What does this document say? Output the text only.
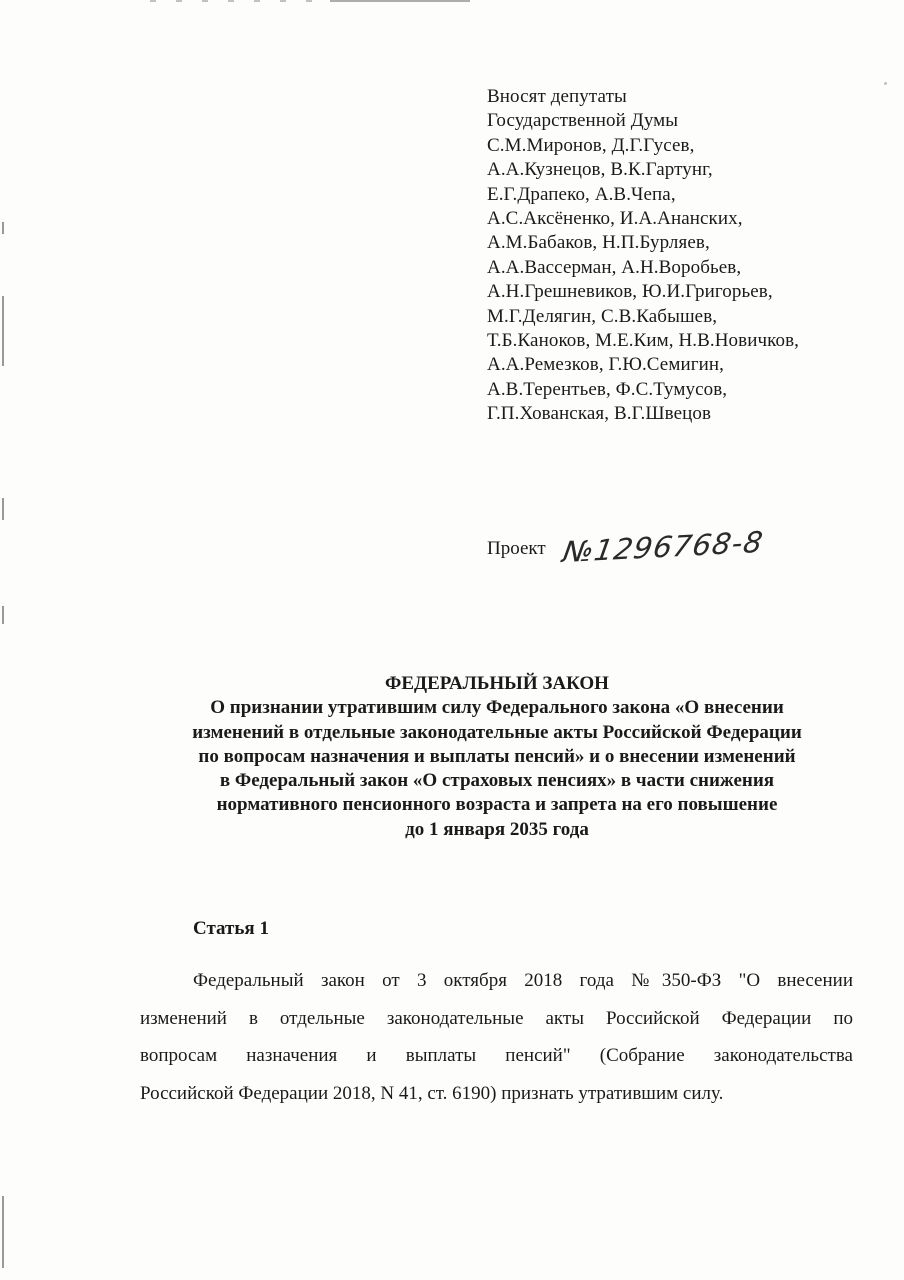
Вносят депутаты
Государственной Думы
С.М.Миронов, Д.Г.Гусев,
А.А.Кузнецов, В.К.Гартунг,
Е.Г.Драпеко, А.В.Чепа,
А.С.Аксёненко, И.А.Ананских,
А.М.Бабаков, Н.П.Бурляев,
А.А.Вассерман, А.Н.Воробьев,
А.Н.Грешневиков, Ю.И.Григорьев,
М.Г.Делягин, С.В.Кабышев,
Т.Б.Каноков, М.Е.Ким, Н.В.Новичков,
А.А.Ремезков, Г.Ю.Семигин,
А.В.Терентьев, Ф.С.Тумусов,
Г.П.Хованская, В.Г.Швецов
Проект №1296768-8
ФЕДЕРАЛЬНЫЙ ЗАКОН
О признании утратившим силу Федерального закона «О внесении
изменений в отдельные законодательные акты Российской Федерации
по вопросам назначения и выплаты пенсий» и о внесении изменений
в Федеральный закон «О страховых пенсиях» в части снижения
нормативного пенсионного возраста и запрета на его повышение
до 1 января 2035 года
Статья 1
Федеральный закон от 3 октября 2018 года №350-ФЗ "О внесении
изменений в отдельные законодательные акты Российской Федерации по
вопросам назначения и выплаты пенсий" (Собрание законодательства
Российской Федерации 2018, N 41, ст. 6190) признать утратившим силу.
